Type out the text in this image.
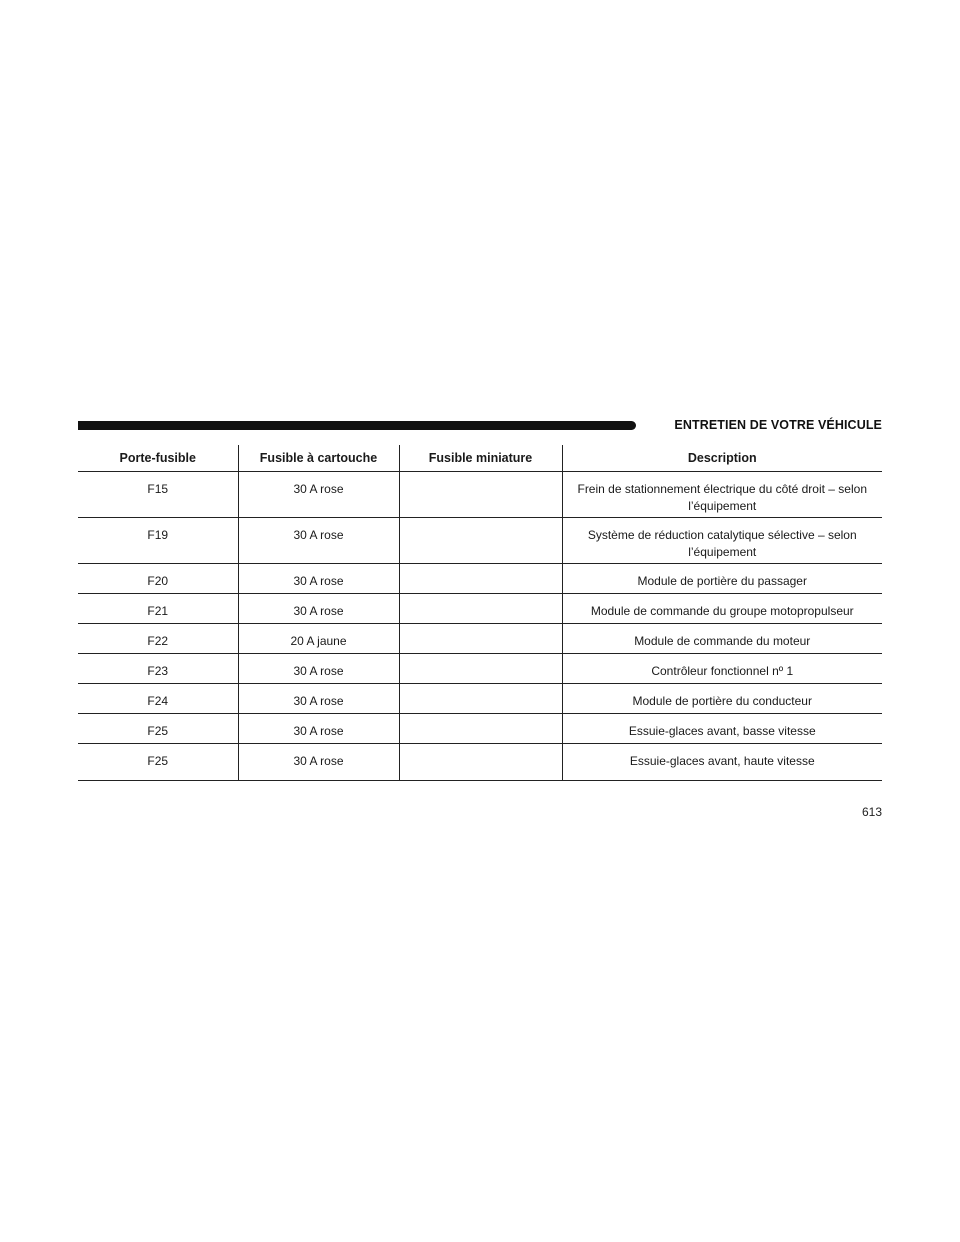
ENTRETIEN DE VOTRE VÉHICULE
Porte-fusible	Fusible à cartouche	Fusible miniature	Description
F15	30 A rose		Frein de stationnement électrique du côté droit – selon l’équipement
F19	30 A rose		Système de réduction catalytique sélective – selon l’équipement
F20	30 A rose		Module de portière du passager
F21	30 A rose		Module de commande du groupe motopropulseur
F22	20 A jaune		Module de commande du moteur
F23	30 A rose		Contrôleur fonctionnel nº 1
F24	30 A rose		Module de portière du conducteur
F25	30 A rose		Essuie-glaces avant, basse vitesse
F25	30 A rose		Essuie-glaces avant, haute vitesse
613
